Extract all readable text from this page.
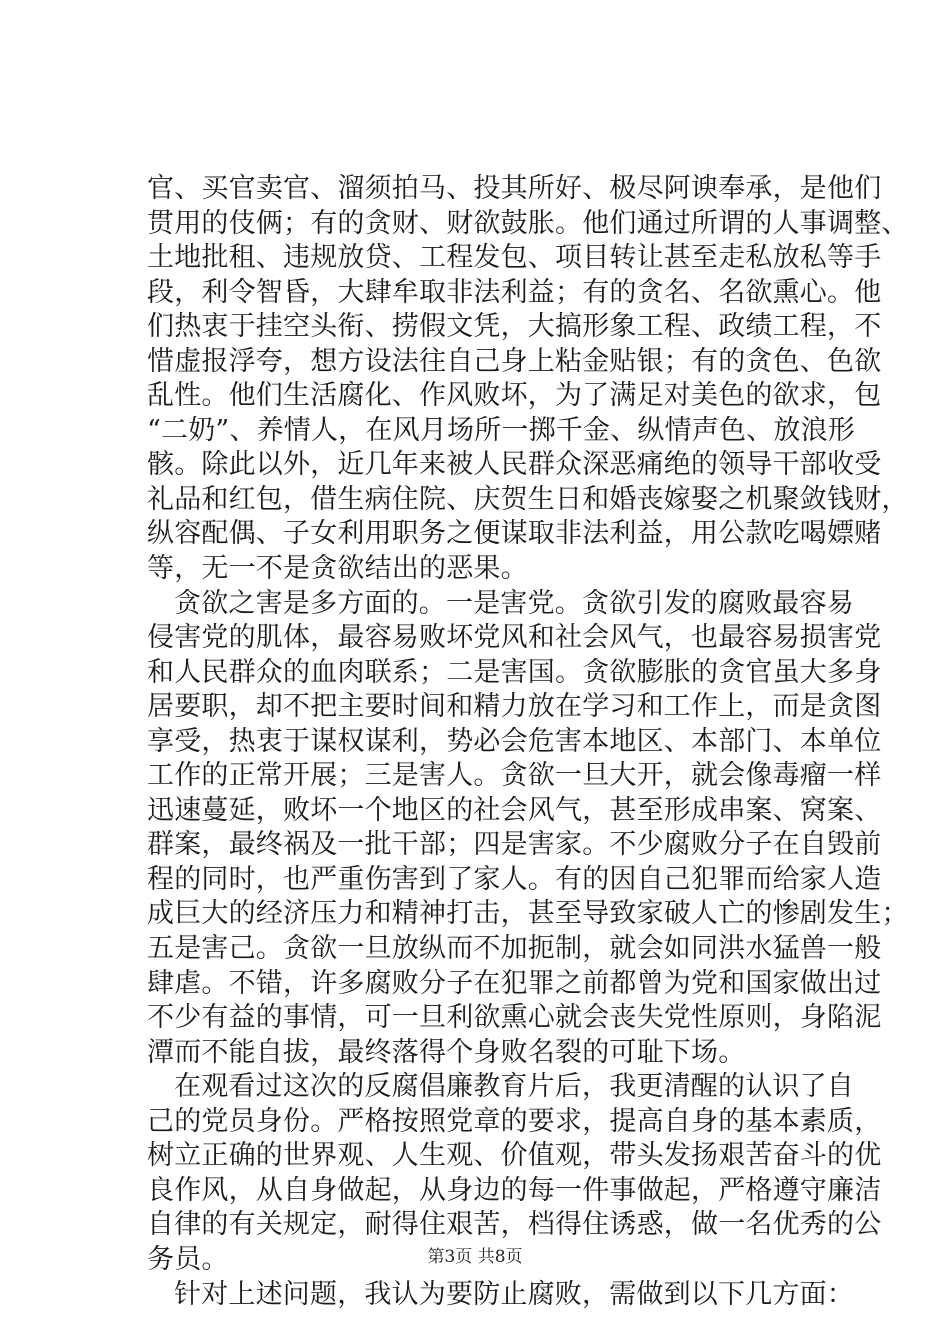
官、买官卖官、溜须拍马、投其所好、极尽阿谀奉承，是他们
贯用的伎俩；有的贪财、财欲鼓胀。他们通过所谓的人事调整、
土地批租、违规放贷、工程发包、项目转让甚至走私放私等手
段，利令智昏，大肆牟取非法利益；有的贪名、名欲熏心。他
们热衷于挂空头衔、捞假文凭，大搞形象工程、政绩工程，不
惜虚报浮夸，想方设法往自己身上粘金贴银；有的贪色、色欲
乱性。他们生活腐化、作风败坏，为了满足对美色的欲求，包
“二奶”、养情人，在风月场所一掷千金、纵情声色、放浪形
骸。除此以外，近几年来被人民群众深恶痛绝的领导干部收受
礼品和红包，借生病住院、庆贺生日和婚丧嫁娶之机聚敛钱财，
纵容配偶、子女利用职务之便谋取非法利益，用公款吃喝嫖赌
等，无一不是贪欲结出的恶果。
贪欲之害是多方面的。一是害党。贪欲引发的腐败最容易
侵害党的肌体，最容易败坏党风和社会风气，也最容易损害党
和人民群众的血肉联系；二是害国。贪欲膨胀的贪官虽大多身
居要职，却不把主要时间和精力放在学习和工作上，而是贪图
享受，热衷于谋权谋利，势必会危害本地区、本部门、本单位
工作的正常开展；三是害人。贪欲一旦大开，就会像毒瘤一样
迅速蔓延，败坏一个地区的社会风气，甚至形成串案、窝案、
群案，最终祸及一批干部；四是害家。不少腐败分子在自毁前
程的同时，也严重伤害到了家人。有的因自己犯罪而给家人造
成巨大的经济压力和精神打击，甚至导致家破人亡的惨剧发生；
五是害己。贪欲一旦放纵而不加扼制，就会如同洪水猛兽一般
肆虐。不错，许多腐败分子在犯罪之前都曾为党和国家做出过
不少有益的事情，可一旦利欲熏心就会丧失党性原则，身陷泥
潭而不能自拔，最终落得个身败名裂的可耻下场。
在观看过这次的反腐倡廉教育片后，我更清醒的认识了自
己的党员身份。严格按照党章的要求，提高自身的基本素质，
树立正确的世界观、人生观、价值观，带头发扬艰苦奋斗的优
良作风，从自身做起，从身边的每一件事做起，严格遵守廉洁
自律的有关规定，耐得住艰苦，档得住诱惑，做一名优秀的公
务员。
针对上述问题，我认为要防止腐败，需做到以下几方面：
第3页 共8页
